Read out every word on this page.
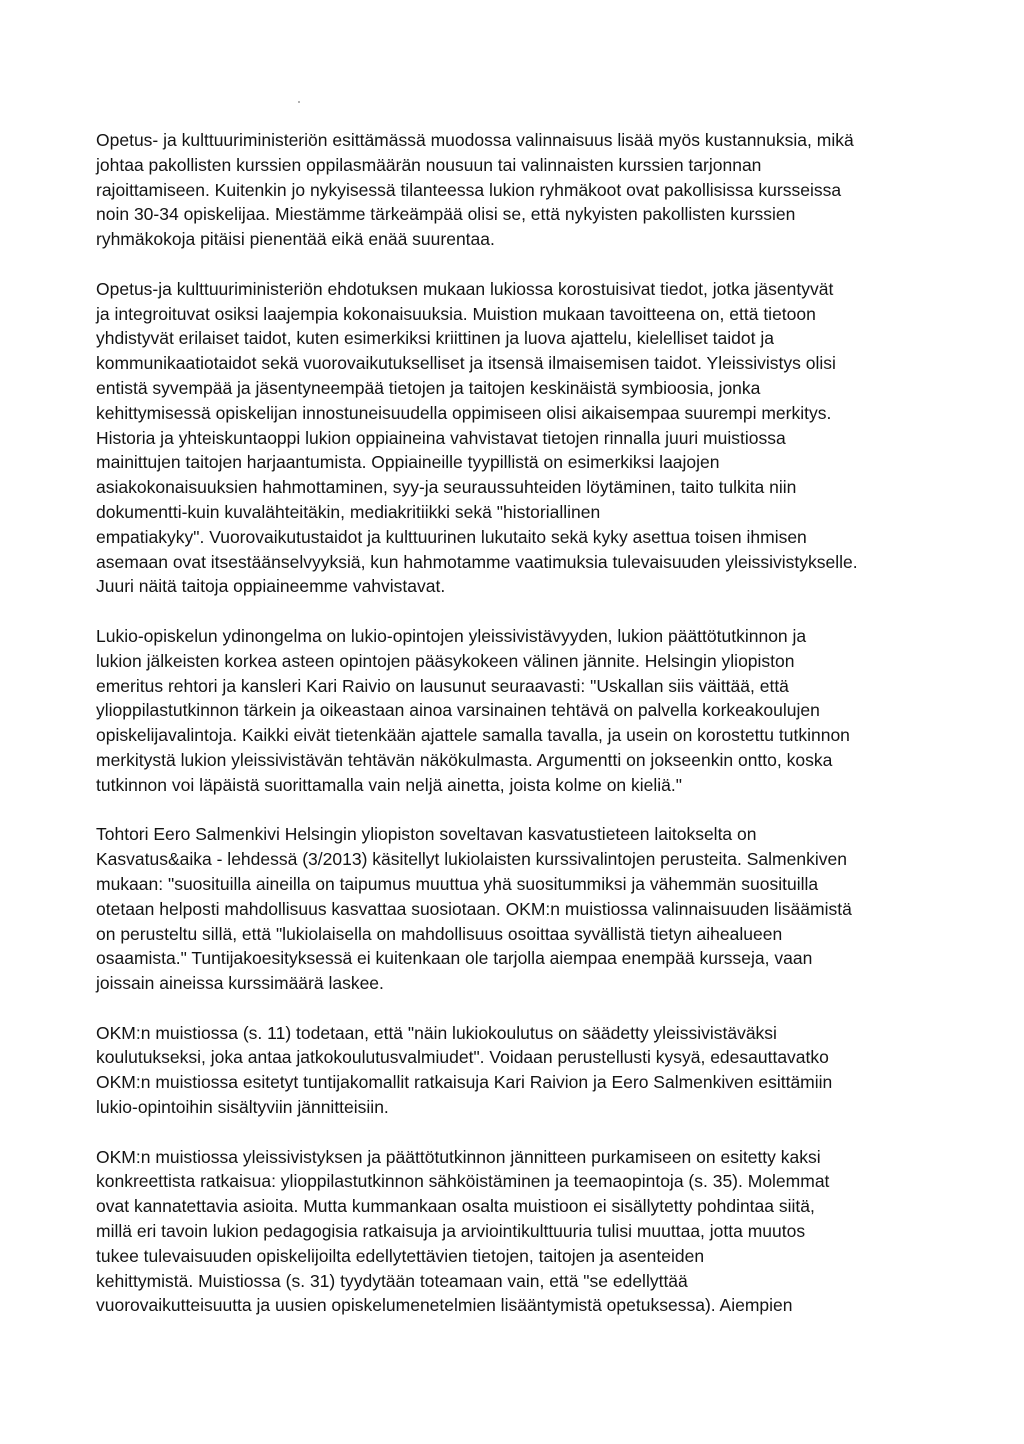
Opetus- ja kulttuuriministeriön esittämässä muodossa valinnaisuus lisää myös kustannuksia, mikä
johtaa pakollisten kurssien oppilasmäärän nousuun tai valinnaisten kurssien tarjonnan
rajoittamiseen. Kuitenkin jo nykyisessä tilanteessa lukion ryhmäkoot ovat pakollisissa kursseissa
noin 30-34 opiskelijaa. Miestämme tärkeämpää olisi se, että nykyisten pakollisten kurssien
ryhmäkokoja pitäisi pienentää eikä enää suurentaa.

Opetus-ja kulttuuriministeriön ehdotuksen mukaan lukiossa korostuisivat tiedot, jotka jäsentyvät
ja integroituvat osiksi laajempia kokonaisuuksia. Muistion mukaan tavoitteena on, että tietoon
yhdistyvät erilaiset taidot, kuten esimerkiksi kriittinen ja luova ajattelu, kielelliset taidot ja
kommunikaatiotaidot sekä vuorovaikutukselliset ja itsensä ilmaisemisen taidot. Yleissivistys olisi
entistä syvempää ja jäsentyneempää tietojen ja taitojen keskinäistä symbioosia, jonka
kehittymisessä opiskelijan innostuneisuudella oppimiseen olisi aikaisempaa suurempi merkitys.
Historia ja yhteiskuntaoppi lukion oppiaineina vahvistavat tietojen rinnalla juuri muistiossa
mainittujen taitojen harjaantumista. Oppiaineille tyypillistä on esimerkiksi laajojen
asiakokonaisuuksien hahmottaminen, syy-ja seuraussuhteiden löytäminen, taito tulkita niin
dokumentti-kuin kuvalähteitäkin, mediakritiikki sekä "historiallinen
empatiakyky". Vuorovaikutustaidot ja kulttuurinen lukutaito sekä kyky asettua toisen ihmisen
asemaan ovat itsestäänselvyyksiä, kun hahmotamme vaatimuksia tulevaisuuden yleissivistykselle.
Juuri näitä taitoja oppiaineemme vahvistavat.

Lukio-opiskelun ydinongelma on lukio-opintojen yleissivistävyyden, lukion päättötutkinnon ja
lukion jälkeisten korkea asteen opintojen pääsykokeen välinen jännite. Helsingin yliopiston
emeritus rehtori ja kansleri Kari Raivio on lausunut seuraavasti: "Uskallan siis väittää, että
ylioppilastutkinnon tärkein ja oikeastaan ainoa varsinainen tehtävä on palvella korkeakoulujen
opiskelijavalintoja. Kaikki eivät tietenkään ajattele samalla tavalla, ja usein on korostettu tutkinnon
merkitystä lukion yleissivistävän tehtävän näkökulmasta. Argumentti on jokseenkin ontto, koska
tutkinnon voi läpäistä suorittamalla vain neljä ainetta, joista kolme on kieliä."

Tohtori Eero Salmenkivi Helsingin yliopiston soveltavan kasvatustieteen laitokselta on
Kasvatus&aika - lehdessä (3/2013) käsitellyt lukiolaisten kurssivalintojen perusteita. Salmenkiven
mukaan: "suosituilla aineilla on taipumus muuttua yhä suositummiksi ja vähemmän suosituilla
otetaan helposti mahdollisuus kasvattaa suosiotaan. OKM:n muistiossa valinnaisuuden lisäämistä
on perusteltu sillä, että "lukiolaisella on mahdollisuus osoittaa syvällistä tietyn aihealueen
osaamista." Tuntijakoesityksessä ei kuitenkaan ole tarjolla aiempaa enempää kursseja, vaan
joissain aineissa kurssimäärä laskee.

OKM:n muistiossa (s. 11) todetaan, että "näin lukiokoulutus on säädetty yleissivistäväksi
koulutukseksi, joka antaa jatkokoulutusvalmiudet". Voidaan perustellusti kysyä, edesauttavatko
OKM:n muistiossa esitetyt tuntijakomallit ratkaisuja Kari Raivion ja Eero Salmenkiven esittämiin
lukio-opintoihin sisältyviin jännitteisiin.

OKM:n muistiossa yleissivistyksen ja päättötutkinnon jännitteen purkamiseen on esitetty kaksi
konkreettista ratkaisua: ylioppilastutkinnon sähköistäminen ja teemaopintoja (s. 35). Molemmat
ovat kannatettavia asioita. Mutta kummankaan osalta muistioon ei sisällytetty pohdintaa siitä,
millä eri tavoin lukion pedagogisia ratkaisuja ja arviointikulttuuria tulisi muuttaa, jotta muutos
tukee tulevaisuuden opiskelijoilta edellytettävien tietojen, taitojen ja asenteiden
kehittymistä. Muistiossa (s. 31) tyydytään toteamaan vain, että "se edellyttää
vuorovaikutteisuutta ja uusien opiskelumenetelmien lisääntymistä opetuksessa). Aiempien
